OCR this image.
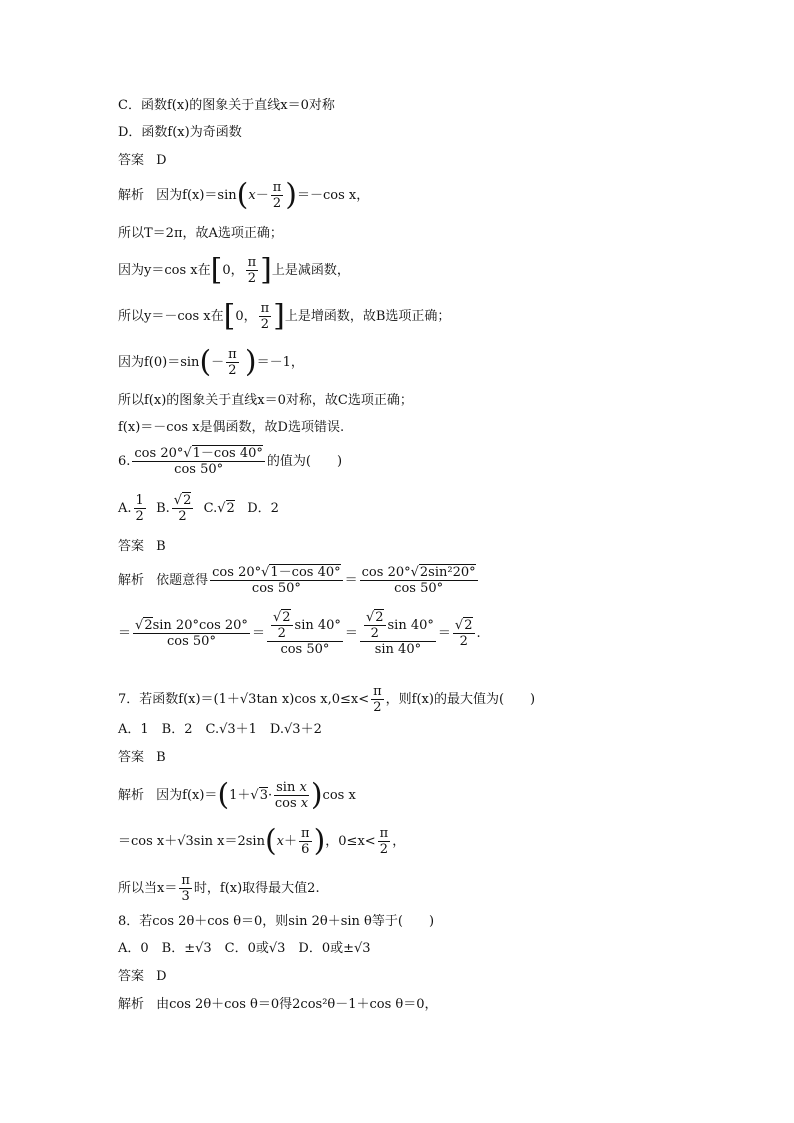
C．函数f(x)的图象关于直线x＝0对称
D．函数f(x)为奇函数
答案 D
解析 因为$f(x)=\sin(x- \frac{\pi}{2} )=-\cos$ x，
所以T＝2π，故A选项正确；
因为y＝cos x在[0， $\frac{\pi}{2}$ ]上是减函数，
所以y＝－cos x在[0， $\frac{\pi}{2}$ ]上是增函数，故B选项正确；
因为$f(0)=\sin(- \frac{\pi}{2} )=-1$，
所以f(x)的图象关于直线x＝0对称，故C选项正确；
f(x)＝－cos x是偶函数，故D选项错误.
6. $\frac{\cos 20^\circ√1-\cos 40^\circ}{\cos 50^\circ}$ 的值为(　　)
A. $\frac{1}{2} B$. $\frac{√2}{2} C.√2$ D．2
答案 B
解析 依题意得 $\frac{\cos 20^\circ√1-\cos 40^\circ}{\cos 50^\circ} = \frac{\text{cos 20°√2sin²20°}}{\cos 50^\circ}$
＝ $\frac{√2\sin 20^\circ\cos 20^\circ}{\cos 50^\circ} = \frac{\frac{√2}{2} \sin 40^\circ}{\cos 50^\circ} = \frac{\frac{√2}{2} \sin 40^\circ}{\sin 40^\circ} = \frac{√2}{2}$ .
7．若函数f(x)＝(1＋√3tan x)cos $x,0\le x< \frac{\pi}{2}$ ，则f(x)的最大值为(　　)
A．1　B．2　C.√3＋1　D.√3＋2
答案 B
解析 因为$f(x)=(1+√3\cdot \frac{\text{sin x}}{\text{cos x}} )\cos$ x
＝cos x＋√3sin $x=2\sin(x+ \frac{\pi}{6}$ )，$0\le x< \frac{\pi}{2}$ ，
所以当$x= \frac{\pi}{3}$ 时，f(x)取得最大值2.
8．若cos 2θ＋cos θ＝0，则sin 2θ＋sin θ等于(　　)
A．0　B．±√3　C．0或√3　D．0或±√3
答案 D
解析 由cos 2θ＋cos θ＝0得2cos²θ－1＋cos θ＝0，
